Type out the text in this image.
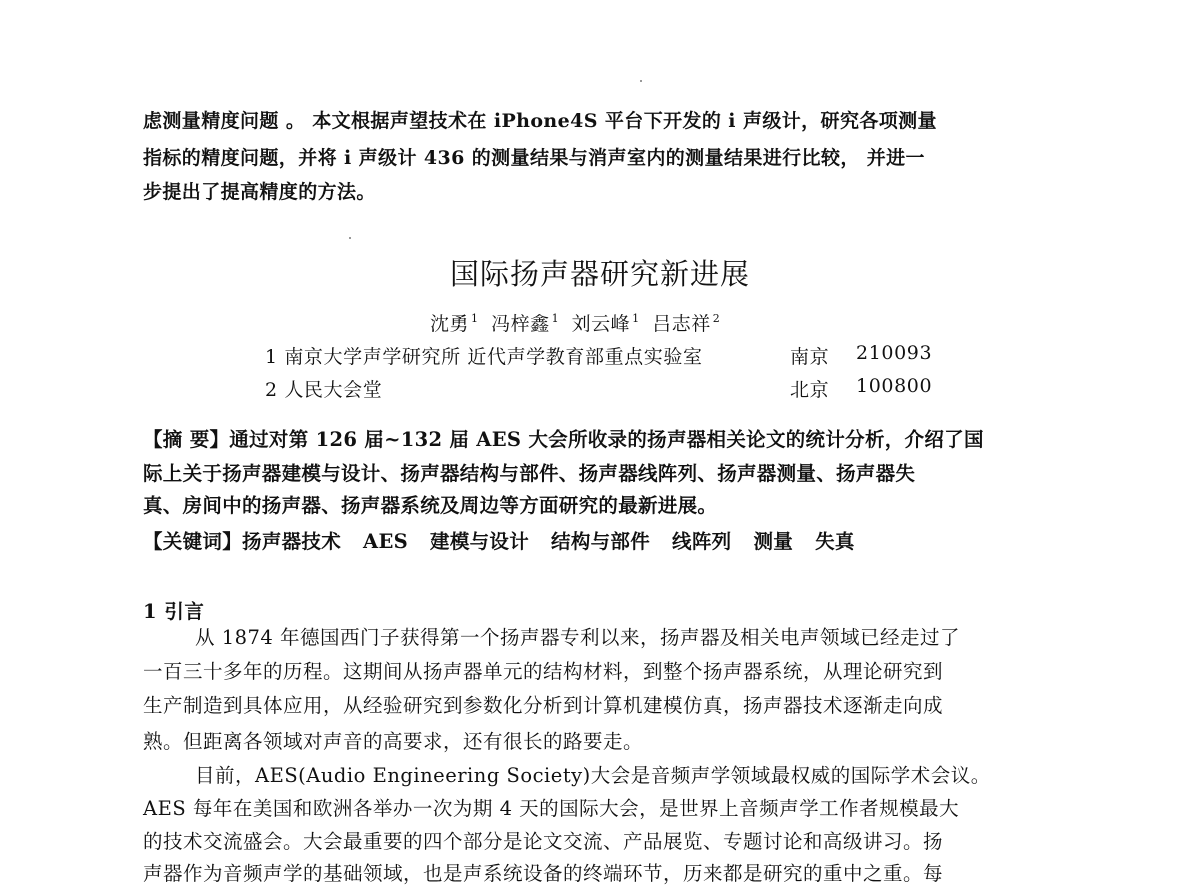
虑测量精度问题 。 本文根据声望技术在 iPhone4S 平台下开发的 i 声级计，研究各项测量
指标的精度问题，并将 i 声级计 436 的测量结果与消声室内的测量结果进行比较， 并进一
步提出了提高精度的方法。
国际扬声器研究新进展
沈勇 $^1$ 冯梓鑫 $^1$ 刘云峰 $^1$ 吕志祥 $^2$
1 南京大学声学研究所 近代声学教育部重点实验室	南京 210093
2 人民大会堂	北京 100800
【摘 要】通过对第 126 届~132 届 AES 大会所收录的扬声器相关论文的统计分析，介绍了国
际上关于扬声器建模与设计、扬声器结构与部件、扬声器线阵列、扬声器测量、扬声器失
真、房间中的扬声器、扬声器系统及周边等方面研究的最新进展。
【关键词】扬声器技术 AES 建模与设计 结构与部件 线阵列 测量 失真
1 引言
从 1874 年德国西门子获得第一个扬声器专利以来，扬声器及相关电声领域已经走过了
一百三十多年的历程。这期间从扬声器单元的结构材料，到整个扬声器系统，从理论研究到
生产制造到具体应用，从经验研究到参数化分析到计算机建模仿真，扬声器技术逐渐走向成
熟。但距离各领域对声音的高要求，还有很长的路要走。
目前，AES(Audio Engineering Society)大会是音频声学领域最权威的国际学术会议。
AES 每年在美国和欧洲各举办一次为期 4 天的国际大会，是世界上音频声学工作者规模最大
的技术交流盛会。大会最重要的四个部分是论文交流、产品展览、专题讨论和高级讲习。扬
声器作为音频声学的基础领域，也是声系统设备的终端环节，历来都是研究的重中之重。每
